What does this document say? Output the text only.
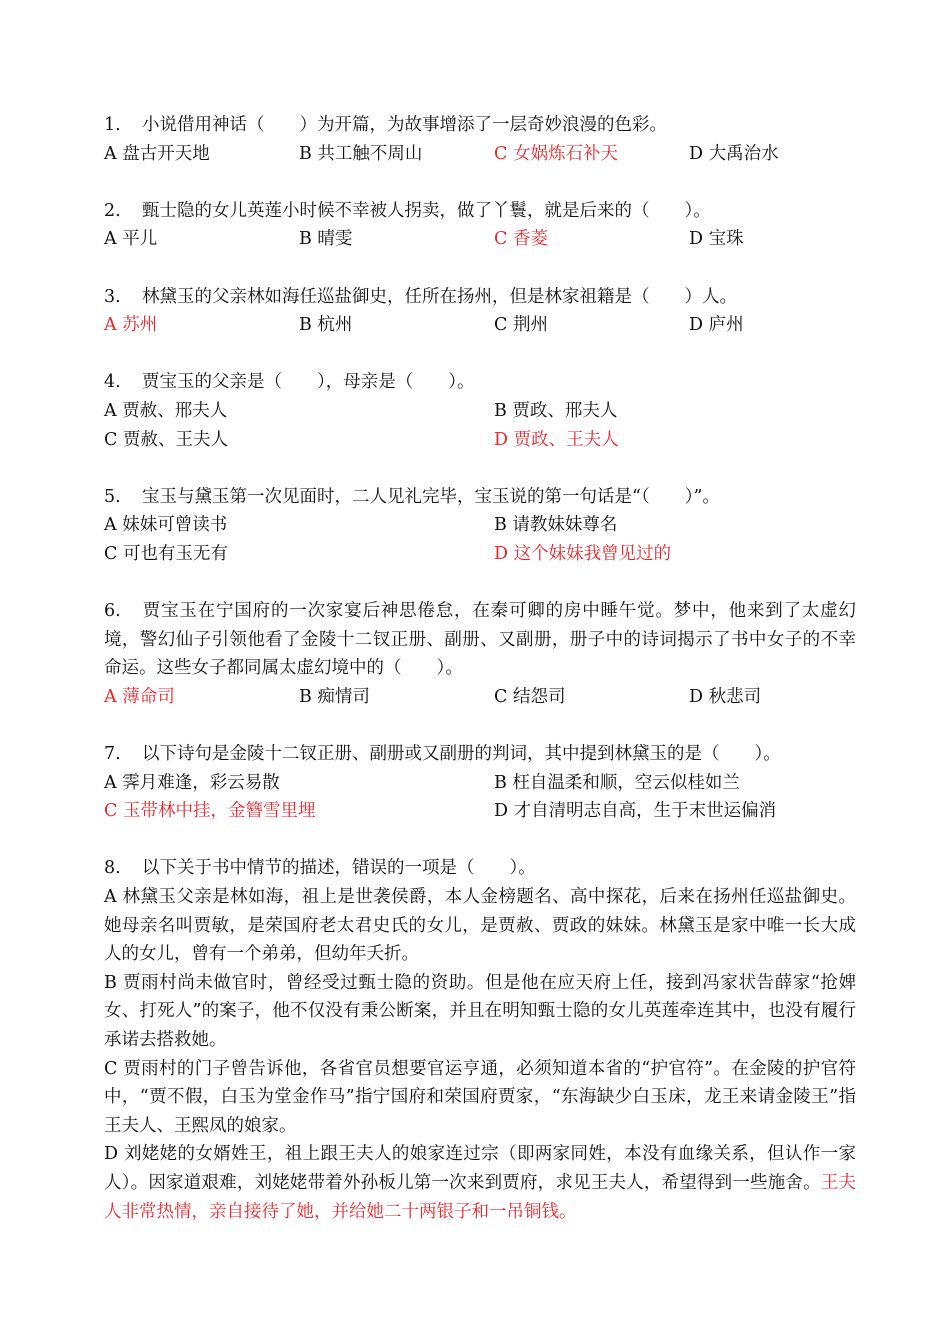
1. 小说借用神话（　　）为开篇，为故事增添了一层奇妙浪漫的色彩。
A 盘古开天地	B 共工触不周山	C 女娲炼石补天	D 大禹治水
2. 甄士隐的女儿英莲小时候不幸被人拐卖，做了丫鬟，就是后来的（　　）。
A 平儿	B 晴雯	C 香菱	D 宝珠
3. 林黛玉的父亲林如海任巡盐御史，任所在扬州，但是林家祖籍是（　　）人。
A 苏州	B 杭州	C 荆州	D 庐州
4. 贾宝玉的父亲是（　　），母亲是（　　）。
A 贾赦、邢夫人	B 贾政、邢夫人
C 贾赦、王夫人	D 贾政、王夫人
5. 宝玉与黛玉第一次见面时，二人见礼完毕，宝玉说的第一句话是“（　　）”。
A 妹妹可曾读书	B 请教妹妹尊名
C 可也有玉无有	D 这个妹妹我曾见过的
6. 贾宝玉在宁国府的一次家宴后神思倦怠，在秦可卿的房中睡午觉。梦中，他来到了太虚幻境，警幻仙子引领他看了金陵十二钗正册、副册、又副册，册子中的诗词揭示了书中女子的不幸命运。这些女子都同属太虚幻境中的（　　）。
A 薄命司	B 痴情司	C 结怨司	D 秋悲司
7. 以下诗句是金陵十二钗正册、副册或又副册的判词，其中提到林黛玉的是（　　）。
A 霁月难逢，彩云易散	B 枉自温柔和顺，空云似桂如兰
C 玉带林中挂，金簪雪里埋	D 才自清明志自高，生于末世运偏消
8. 以下关于书中情节的描述，错误的一项是（　　）。
A 林黛玉父亲是林如海，祖上是世袭侯爵，本人金榜题名、高中探花，后来在扬州任巡盐御史。她母亲名叫贾敏，是荣国府老太君史氏的女儿，是贾赦、贾政的妹妹。林黛玉是家中唯一长大成人的女儿，曾有一个弟弟，但幼年夭折。
B 贾雨村尚未做官时，曾经受过甄士隐的资助。但是他在应天府上任，接到冯家状告薛家“抢婢女、打死人”的案子，他不仅没有秉公断案，并且在明知甄士隐的女儿英莲牵连其中，也没有履行承诺去搭救她。
C 贾雨村的门子曾告诉他，各省官员想要官运亨通，必须知道本省的“护官符”。在金陵的护官符中，“贾不假，白玉为堂金作马”指宁国府和荣国府贾家，“东海缺少白玉床，龙王来请金陵王”指王夫人、王熙凤的娘家。
D 刘姥姥的女婿姓王，祖上跟王夫人的娘家连过宗（即两家同姓，本没有血缘关系，但认作一家人）。因家道艰难，刘姥姥带着外孙板儿第一次来到贾府，求见王夫人，希望得到一些施舍。王夫人非常热情，亲自接待了她，并给她二十两银子和一吊铜钱。
